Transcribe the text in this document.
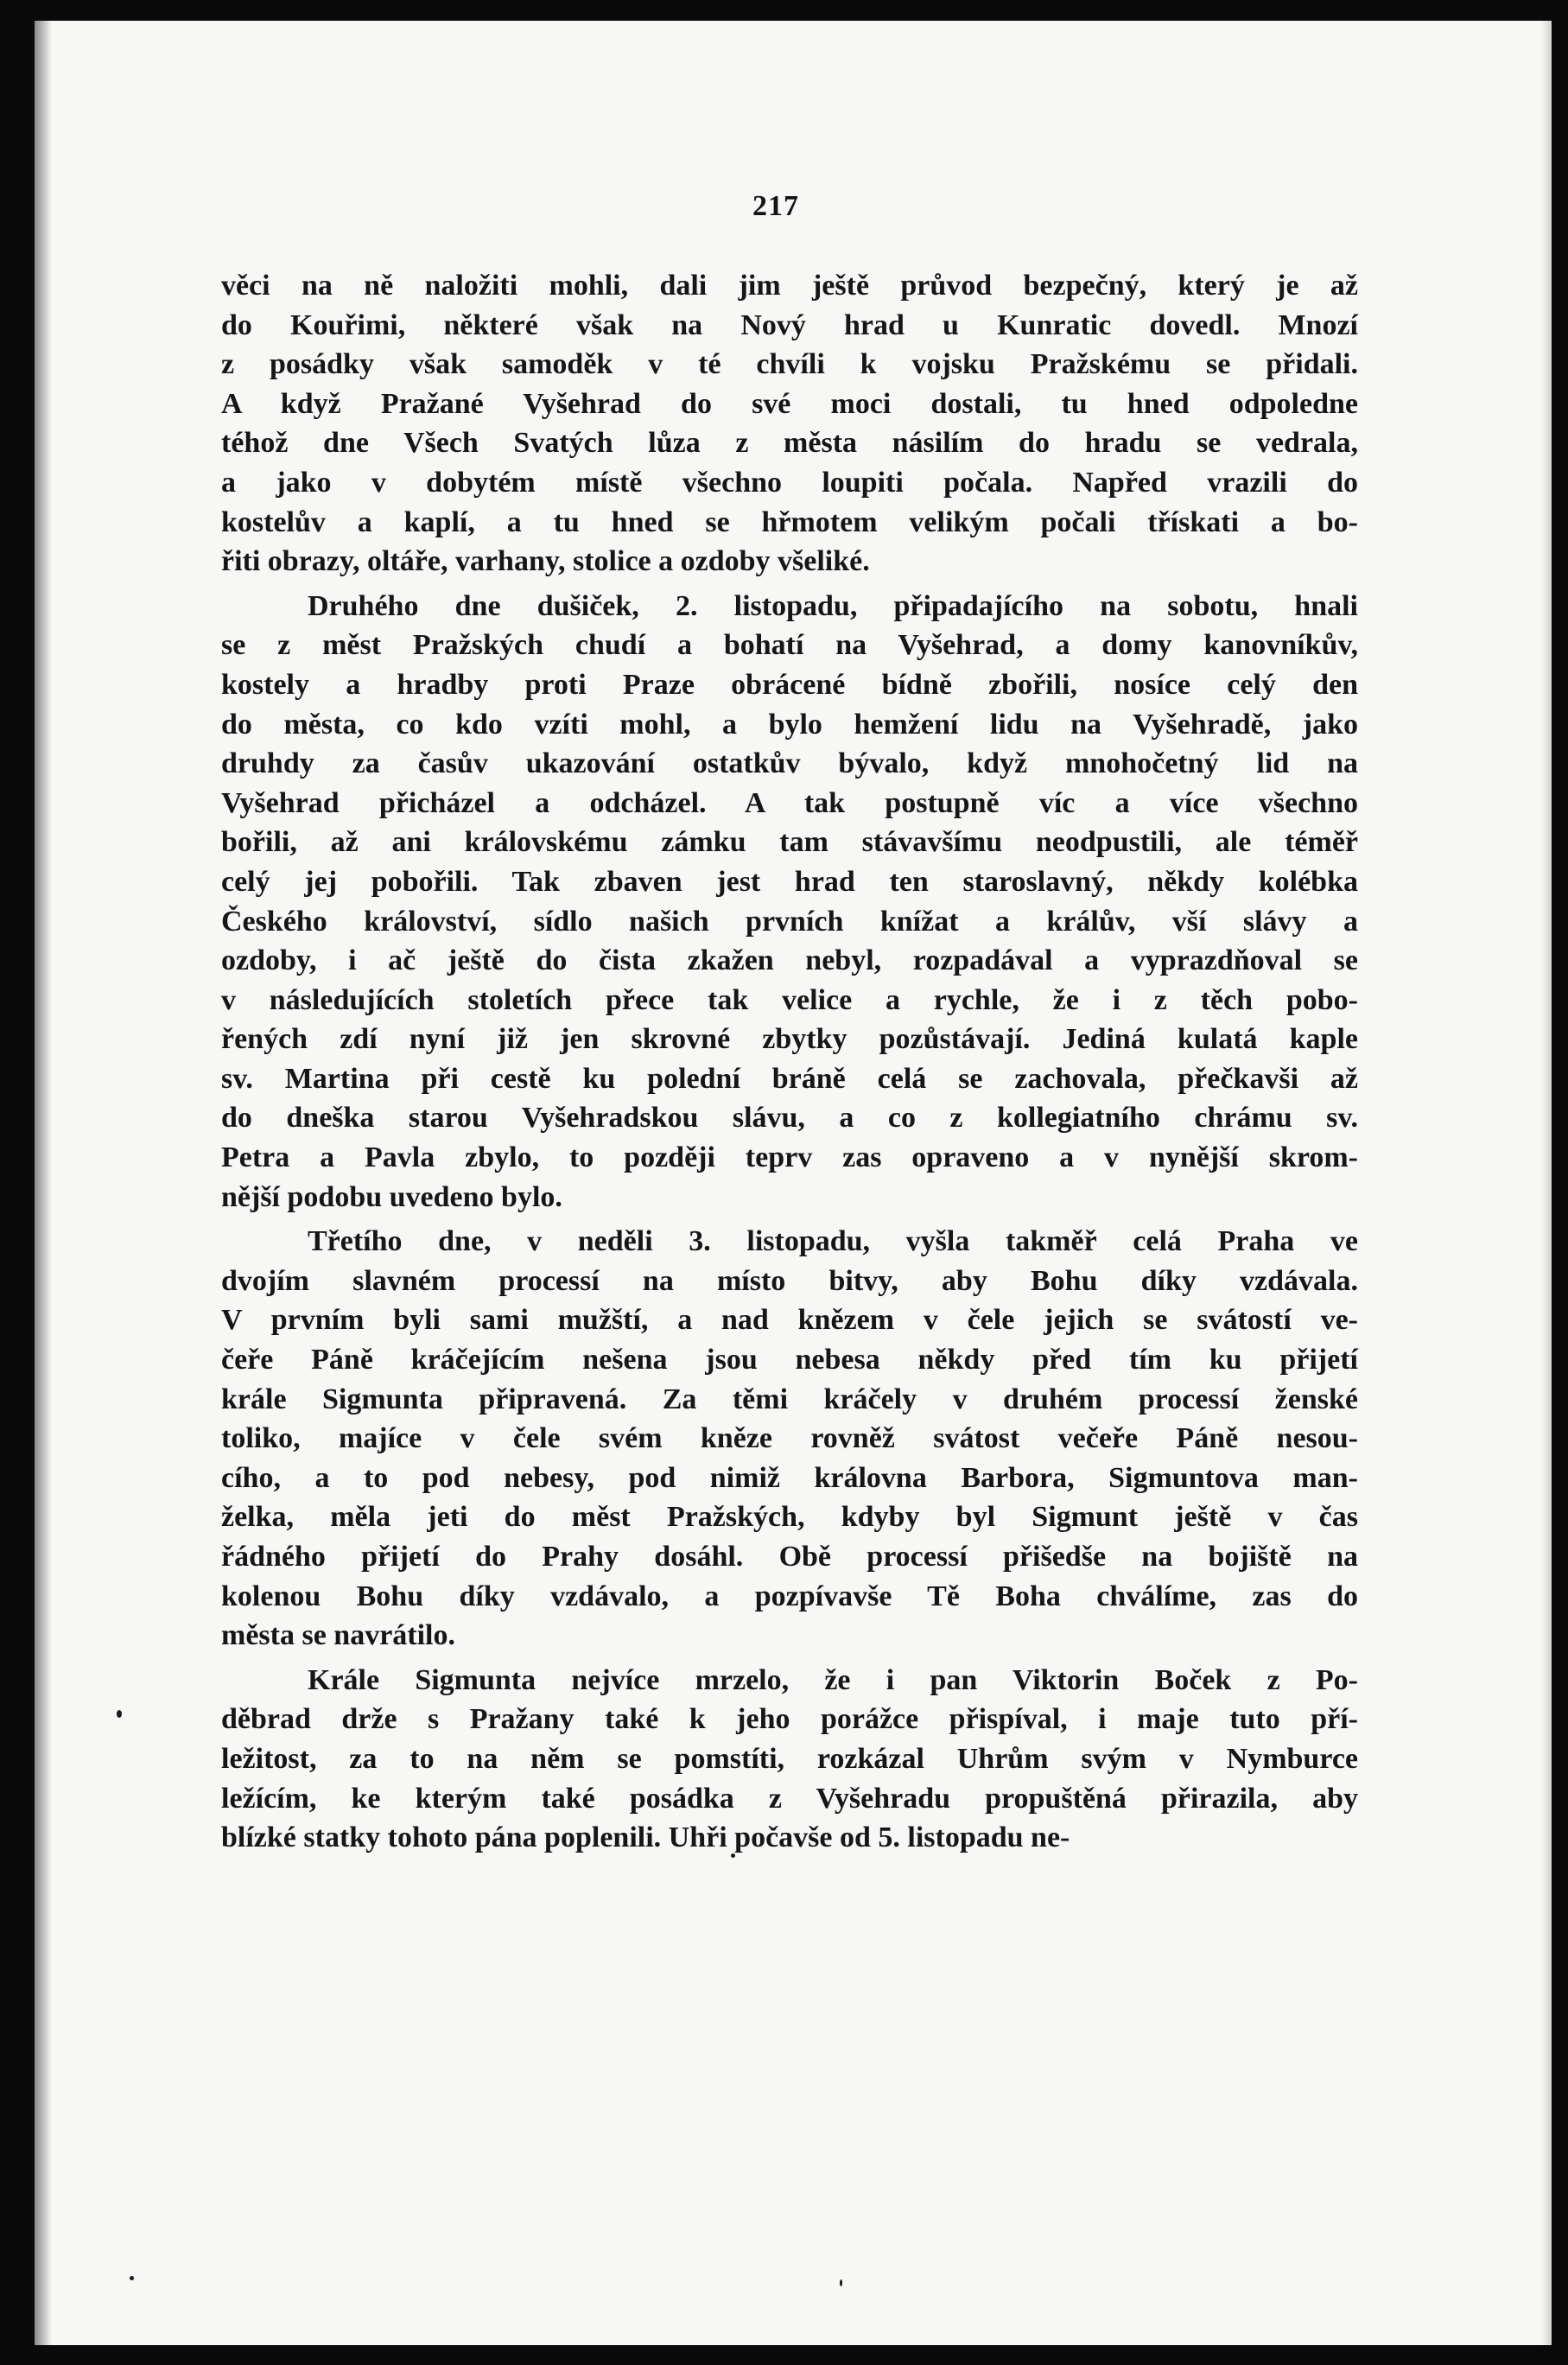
217
věci na ně naložiti mohli, dali jim ještě průvod bezpečný, který je až
do Kouřimi, některé však na Nový hrad u Kunratic dovedl. Mnozí
z posádky však samoděk v té chvíli k vojsku Pražskému se přidali.
A když Pražané Vyšehrad do své moci dostali, tu hned odpoledne
téhož dne Všech Svatých lůza z města násilím do hradu se vedrala,
a jako v dobytém místě všechno loupiti počala. Napřed vrazili do
kostelův a kaplí, a tu hned se hřmotem velikým počali třískati a bo-
řiti obrazy, oltáře, varhany, stolice a ozdoby všeliké.
Druhého dne dušiček, 2. listopadu, připadajícího na sobotu, hnali
se z měst Pražských chudí a bohatí na Vyšehrad, a domy kanovníkův,
kostely a hradby proti Praze obrácené bídně zbořili, nosíce celý den
do města, co kdo vzíti mohl, a bylo hemžení lidu na Vyšehradě, jako
druhdy za časův ukazování ostatkův bývalo, když mnohočetný lid na
Vyšehrad přicházel a odcházel. A tak postupně víc a více všechno
bořili, až ani královskému zámku tam stávavšímu neodpustili, ale téměř
celý jej pobořili. Tak zbaven jest hrad ten staroslavný, někdy kolébka
Českého království, sídlo našich prvních knížat a králův, vší slávy a
ozdoby, i ač ještě do čista zkažen nebyl, rozpadával a vyprazdňoval se
v následujících stoletích přece tak velice a rychle, že i z těch pobo-
řených zdí nyní již jen skrovné zbytky pozůstávají. Jediná kulatá kaple
sv. Martina při cestě ku polední bráně celá se zachovala, přečkavši až
do dneška starou Vyšehradskou slávu, a co z kollegiatního chrámu sv.
Petra a Pavla zbylo, to později teprv zas opraveno a v nynější skrom-
nější podobu uvedeno bylo.
Třetího dne, v neděli 3. listopadu, vyšla takměř celá Praha ve
dvojím slavném processí na místo bitvy, aby Bohu díky vzdávala.
V prvním byli sami mužští, a nad knězem v čele jejich se svátostí ve-
čeře Páně kráčejícím nešena jsou nebesa někdy před tím ku přijetí
krále Sigmunta připravená. Za těmi kráčely v druhém processí ženské
toliko, majíce v čele svém kněze rovněž svátost večeře Páně nesou-
cího, a to pod nebesy, pod nimiž královna Barbora, Sigmuntova man-
želka, měla jeti do měst Pražských, kdyby byl Sigmunt ještě v čas
řádného přijetí do Prahy dosáhl. Obě processí přišedše na bojiště na
kolenou Bohu díky vzdávalo, a pozpívavše Tě Boha chválíme, zas do
města se navrátilo.
Krále Sigmunta nejvíce mrzelo, že i pan Viktorin Boček z Po-
děbrad drže s Pražany také k jeho porážce přispíval, i maje tuto pří-
ležitost, za to na něm se pomstíti, rozkázal Uhrům svým v Nymburce
ležícím, ke kterým také posádka z Vyšehradu propuštěná přirazila, aby
blízké statky tohoto pána poplenili. Uhři počavše od 5. listopadu ne-
